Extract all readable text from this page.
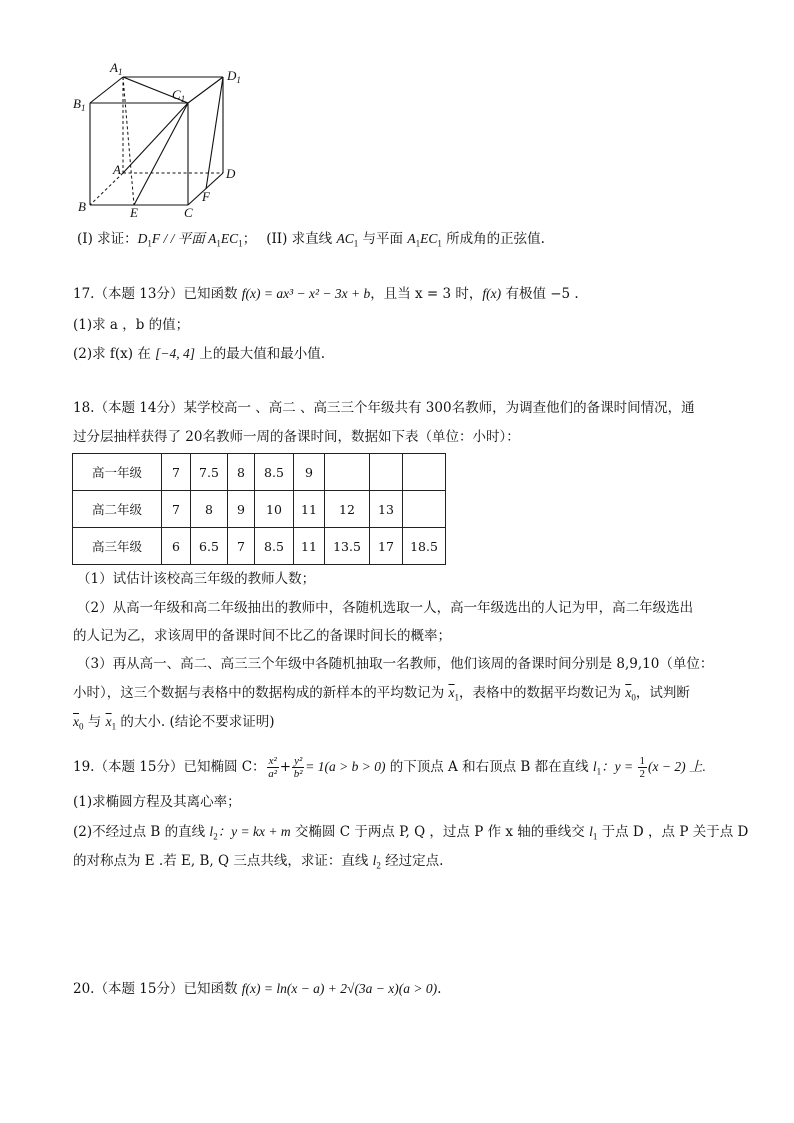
$A_1$
$B_1$
$C_1$
$D_1$
A
B	C
D
E
F
(I) 求证：$D_1F$ / / 平面 $A_1EC_1$； (II) 求直线 $AC_1$ 与平面 $A_1EC_1$ 所成角的正弦值.
17.（本题 13分）已知函数 f(x) = ax³ − x² − 3x + b，且当 x = 3 时，f(x) 有极值 −5 .
(1)求 a ，b 的值；
(2)求 f(x) 在 [−4, 4] 上的最大值和最小值.
18.（本题 14分）某学校高一 、高二 、高三三个年级共有 300名教师，为调查他们的备课时间情况，通
过分层抽样获得了 20名教师一周的备课时间，数据如下表（单位：小时）：
高一年级	7	7.5	8	8.5	9			
高二年级	7	8	9	10	11	12	13	
高三年级	6	6.5	7	8.5	11	13.5	17	18.5
（1）试估计该校高三年级的教师人数；
（2）从高一年级和高二年级抽出的教师中，各随机选取一人，高一年级选出的人记为甲，高二年级选出
的人记为乙，求该周甲的备课时间不比乙的备课时间长的概率；
（3）再从高一、高二、高三三个年级中各随机抽取一名教师，他们该周的备课时间分别是 8,9,10（单位：
小时），这三个数据与表格中的数据构成的新样本的平均数记为 $\overline{x}_1$，表格中的数据平均数记为 $\overline{x}_0$，试判断
$\overline{x}_0$ 与 $\overline{x}_1$ 的大小. (结论不要求证明)
19.（本题 15分）已知椭圆 C： $\frac{\text{x²}}{\text{a²}} + \frac{\text{y²}}{\text{b²}} = 1(a > b > 0)$ 的下顶点 A 和右顶点 B 都在直线 $l_1$：$y = \frac{1}{2} (x - 2)$ 上.
(1)求椭圆方程及其离心率；
(2)不经过点 B 的直线 $l_2$：y = kx + m 交椭圆 C 于两点 P, Q ，过点 P 作 x 轴的垂线交 $l_1$ 于点 D ，点 P 关于点 D
的对称点为 E .若 E, B, Q 三点共线，求证：直线 $l_2$ 经过定点.
20.（本题 15分）已知函数 f(x) = ln(x − a) + 2√(3a − x)(a > 0).
